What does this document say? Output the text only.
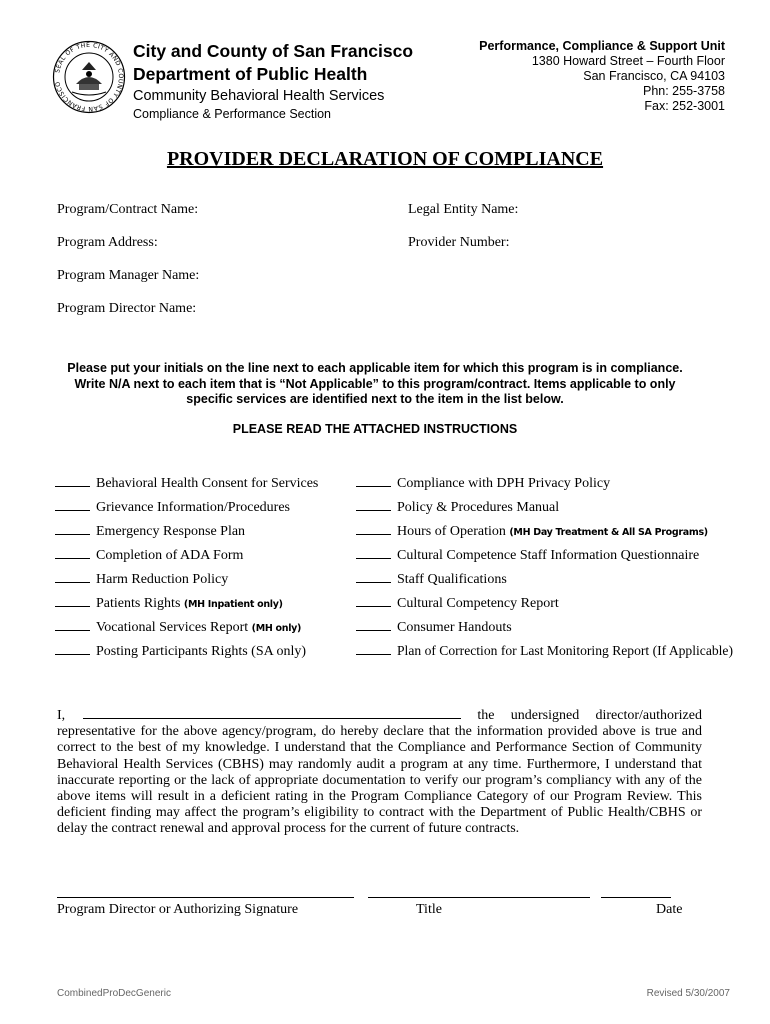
SEAL OF THE CITY AND COUNTY OF SAN FRANCISCO
City and County of San Francisco
Department of Public Health
Community Behavioral Health Services
Compliance & Performance Section
Performance, Compliance & Support Unit
1380 Howard Street – Fourth Floor
San Francisco, CA 94103
Phn: 255-3758
Fax: 252-3001
PROVIDER DECLARATION OF COMPLIANCE
Program/Contract Name:	Legal Entity Name:
Program Address:	Provider Number:
Program Manager Name:
Program Director Name:
Please put your initials on the line next to each applicable item for which this program is in compliance.
Write N/A next to each item that is “Not Applicable” to this program/contract. Items applicable to only
specific services are identified next to the item in the list below.
PLEASE READ THE ATTACHED INSTRUCTIONS
Behavioral Health Consent for Services
Grievance Information/Procedures
Emergency Response Plan
Completion of ADA Form
Harm Reduction Policy
Patients Rights (MH Inpatient only)
Vocational Services Report (MH only)
Posting Participants Rights (SA only)
Compliance with DPH Privacy Policy
Policy & Procedures Manual
Hours of Operation (MH Day Treatment & All SA Programs)
Cultural Competence Staff Information Questionnaire
Staff Qualifications
Cultural Competency Report
Consumer Handouts
Plan of Correction for Last Monitoring Report (If Applicable)
I,	the undersigned director/authorized
representative for the above agency/program, do hereby declare that the information provided above is true and correct to the best of my knowledge. I understand that the Compliance and Performance Section of Community Behavioral Health Services (CBHS) may randomly audit a program at any time. Furthermore, I understand that inaccurate reporting or the lack of appropriate documentation to verify our program’s compliancy with any of the above items will result in a deficient rating in the Program Compliance Category of our Program Review. This deficient finding may affect the program’s eligibility to contract with the Department of Public Health/CBHS or delay the contract renewal and approval process for the current of future contracts.
Program Director or Authorizing Signature	Title	Date
CombinedProDecGeneric	Revised 5/30/2007
